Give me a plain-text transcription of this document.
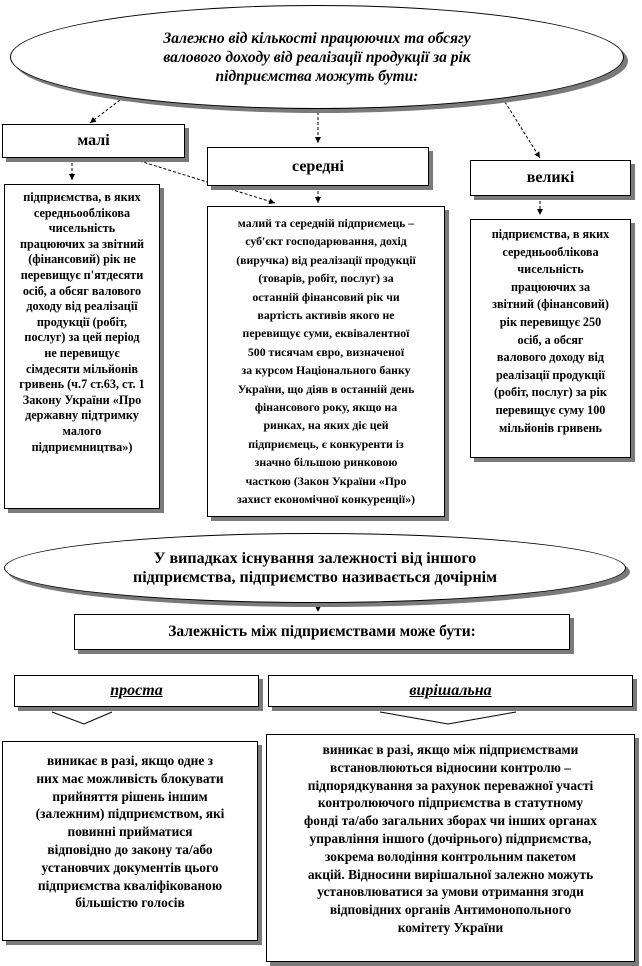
Залежно від кількості працюючих та обсягу
валового доходу від реалізації продукції за рік
підприємства можуть бути:
малі
середні
великі
підприємства, в яких
середньооблікова
чисельність
працюючих за звітний
(фінансовий) рік не
перевищує п'ятдесяти
осіб, а обсяг валового
доходу від реалізації
продукції (робіт,
послуг) за цей період
не перевищує
сімдесяти мільйонів
гривень (ч.7 ст.63, ст. 1
Закону України «Про
державну підтримку
малого
підприємництва»)
малий та середній підприємець –
суб'єкт господарювання, дохід
(виручка) від реалізації продукції
(товарів, робіт, послуг) за
останній фінансовий рік чи
вартість активів якого не
перевищує суми, еквівалентної
500 тисячам євро, визначеної
за курсом Національного банку
України, що діяв в останній день
фінансового року, якщо на
ринках, на яких діє цей
підприємець, є конкуренти із
значно більшою ринковою
часткою (Закон України «Про
захист економічної конкуренції»)
підприємства, в яких
середньооблікова
чисельність
працюючих за
звітний (фінансовий)
рік перевищує 250
осіб, а обсяг
валового доходу від
реалізації продукції
(робіт, послуг) за рік
перевищує суму 100
мільйонів гривень
У випадках існування залежності від іншого
підприємства, підприємство називається дочірнім
Залежність між підприємствами може бути:
проста	вирішальна
виникає в разі, якщо одне з
них має можливість блокувати
прийняття рішень іншим
(залежним) підприємством, які
повинні прийматися
відповідно до закону та/або
установчих документів цього
підприємства кваліфікованою
більшістю голосів
виникає в разі, якщо між підприємствами
встановлюються відносини контролю –
підпорядкування за рахунок переважної участі
контролюючого підприємства в статутному
фонді та/або загальних зборах чи інших органах
управління іншого (дочірнього) підприємства,
зокрема володіння контрольним пакетом
акцій. Відносини вирішальної залежно можуть
установлюватися за умови отримання згоди
відповідних органів Антимонопольного
комітету України
